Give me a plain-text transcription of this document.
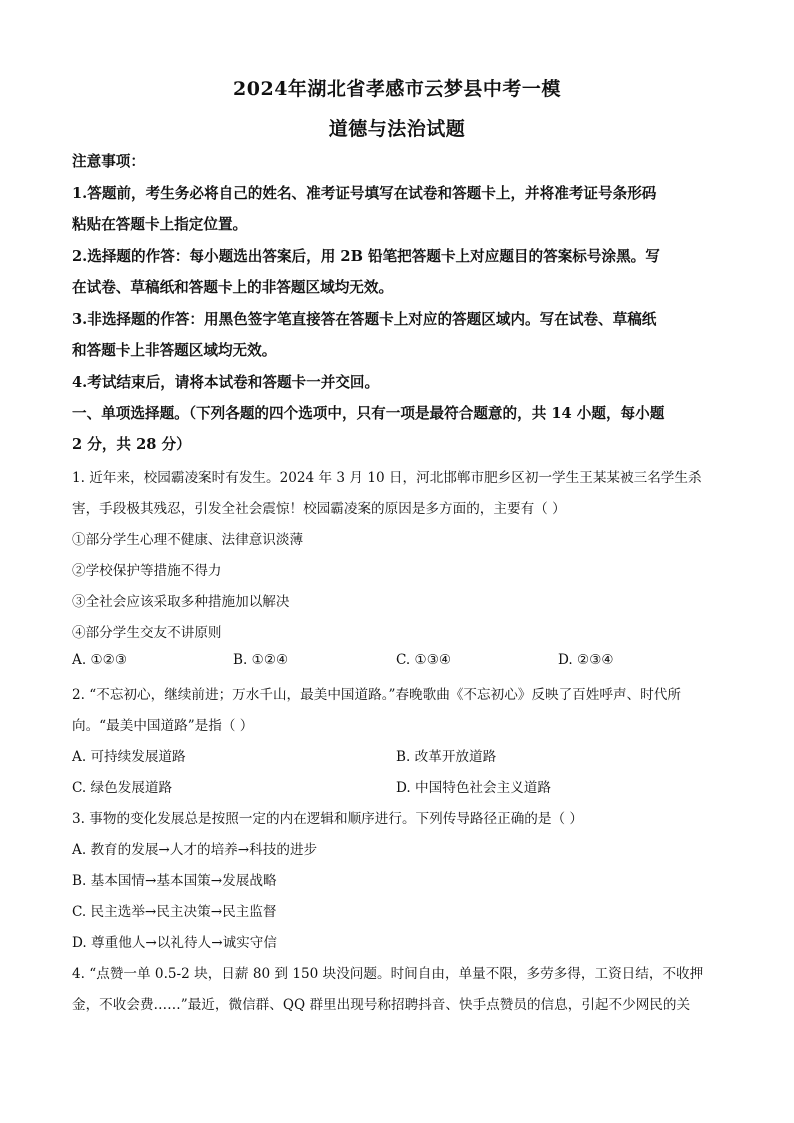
2024年湖北省孝感市云梦县中考一模
道德与法治试题
注意事项：
1.答题前，考生务必将自己的姓名、准考证号填写在试卷和答题卡上，并将准考证号条形码
粘贴在答题卡上指定位置。
2.选择题的作答：每小题选出答案后，用 2B 铅笔把答题卡上对应题目的答案标号涂黑。写
在试卷、草稿纸和答题卡上的非答题区域均无效。
3.非选择题的作答：用黑色签字笔直接答在答题卡上对应的答题区域内。写在试卷、草稿纸
和答题卡上非答题区域均无效。
4.考试结束后，请将本试卷和答题卡一并交回。
一、单项选择题。（下列各题的四个选项中，只有一项是最符合题意的，共 14 小题，每小题
2 分，共 28 分）
1. 近年来，校园霸凌案时有发生。2024 年 3 月 10 日，河北邯郸市肥乡区初一学生王某某被三名学生杀
害，手段极其残忍，引发全社会震惊！校园霸凌案的原因是多方面的，主要有（ ）
①部分学生心理不健康、法律意识淡薄
②学校保护等措施不得力
③全社会应该采取多种措施加以解决
④部分学生交友不讲原则
A. ①②③	B. ①②④	C. ①③④	D. ②③④
2. “不忘初心，继续前进；万水千山，最美中国道路。”春晚歌曲《不忘初心》反映了百姓呼声、时代所
向。“最美中国道路”是指（ ）
A. 可持续发展道路	B. 改革开放道路
C. 绿色发展道路	D. 中国特色社会主义道路
3. 事物的变化发展总是按照一定的内在逻辑和顺序进行。下列传导路径正确的是（ ）
A. 教育的发展→人才的培养→科技的进步
B. 基本国情→基本国策→发展战略
C. 民主选举→民主决策→民主监督
D. 尊重他人→以礼待人→诚实守信
4. “点赞一单 0.5-2 块，日薪 80 到 150 块没问题。时间自由，单量不限，多劳多得，工资日结，不收押
金，不收会费……”最近，微信群、QQ 群里出现号称招聘抖音、快手点赞员的信息，引起不少网民的关
